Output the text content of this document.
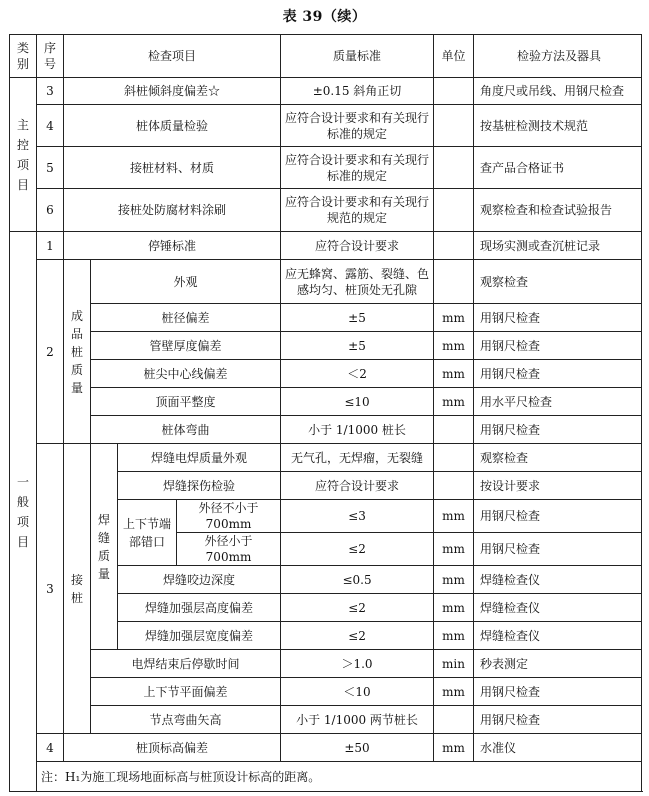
表 39（续）
类别	序号	检查项目				质量标准	单位	检验方法及器具
主控项目	3	斜桩倾斜度偏差☆				±0.15 斜角正切		角度尺或吊线、用钢尺检查
	4	桩体质量检验				应符合设计要求和有关现行标准的规定		按基桩检测技术规范
	5	接桩材料、材质				应符合设计要求和有关现行标准的规定		查产品合格证书
	6	接桩处防腐材料涂刷				应符合设计要求和有关现行规范的规定		观察检查和检查试验报告
一般项目	1	停锤标准				应符合设计要求		现场实测或查沉桩记录
	2	成品桩质量	外观			应无蜂窝、露筋、裂缝、色感均匀、桩顶处无孔隙		观察检查
			桩径偏差			±5	mm	用钢尺检查
			管壁厚度偏差			±5	mm	用钢尺检查
			桩尖中心线偏差			＜2	mm	用钢尺检查
			顶面平整度			≤10	mm	用水平尺检查
			桩体弯曲			小于 1/1000 桩长		用钢尺检查
	3	接桩	焊缝质量	焊缝电焊质量外观		无气孔，无焊瘤，无裂缝		观察检查
				焊缝探伤检验		应符合设计要求		按设计要求
				上下节端部错口	外径不小于 700mm	≤3	mm	用钢尺检查
					外径小于 700mm	≤2	mm	用钢尺检查
				焊缝咬边深度		≤0.5	mm	焊缝检查仪
				焊缝加强层高度偏差		≤2	mm	焊缝检查仪
				焊缝加强层宽度偏差		≤2	mm	焊缝检查仪
			电焊结束后停歇时间			＞1.0	min	秒表测定
			上下节平面偏差			＜10	mm	用钢尺检查
			节点弯曲矢高			小于 1/1000 两节桩长		用钢尺检查
	4	桩顶标高偏差				±50	mm	水准仪
	注：H₁为施工现场地面标高与桩顶设计标高的距离。							
